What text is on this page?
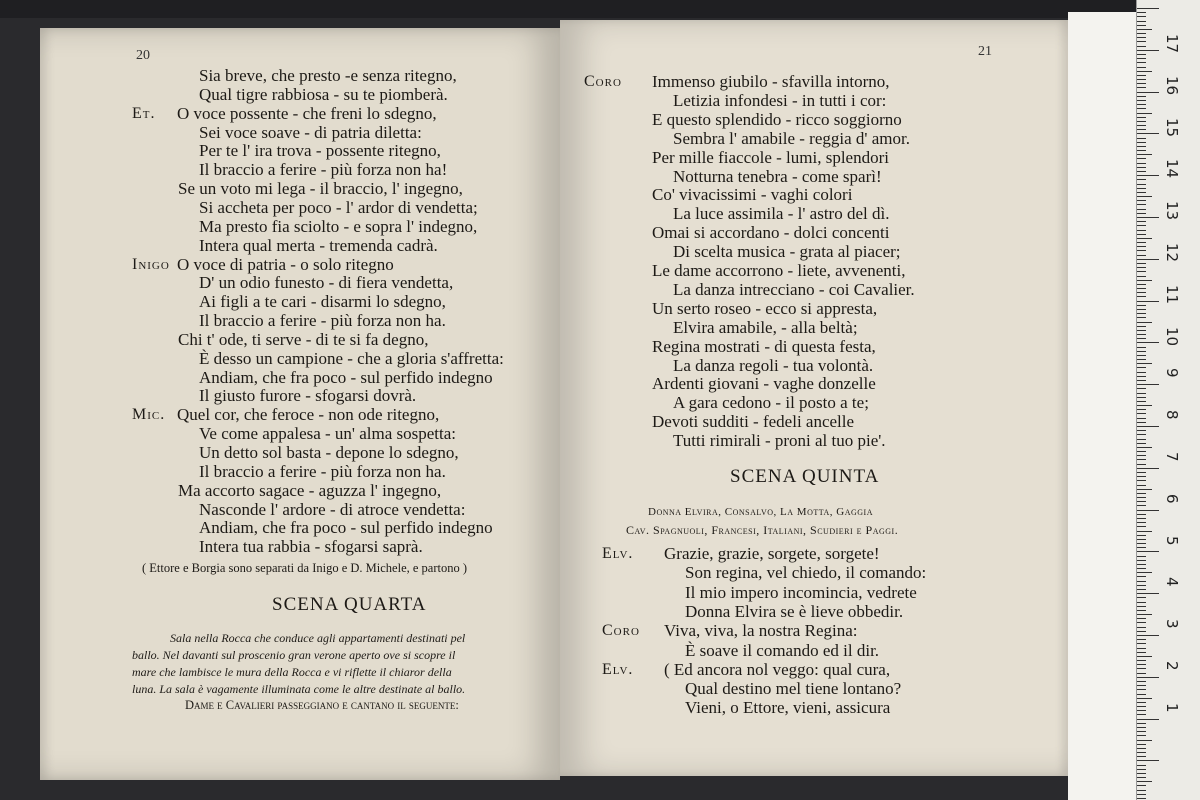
20
Sia breve, che presto -e senza ritegno,
Qual tigre rabbiosa - su te piomberà.
Et. O voce possente - che freni lo sdegno,
Sei voce soave - di patria diletta:
Per te l' ira trova - possente ritegno,
Il braccio a ferire - più forza non ha!
Se un voto mi lega - il braccio, l' ingegno,
Si accheta per poco - l' ardor di vendetta;
Ma presto fia sciolto - e sopra l' indegno,
Intera qual merta - tremenda cadrà.
Inigo O voce di patria - o solo ritegno
D' un odio funesto - di fiera vendetta,
Ai figli a te cari - disarmi lo sdegno,
Il braccio a ferire - più forza non ha.
Chi t' ode, ti serve - di te si fa degno,
È desso un campione - che a gloria s'affretta:
Andiam, che fra poco - sul perfido indegno
Il giusto furore - sfogarsi dovrà.
Mic. Quel cor, che feroce - non ode ritegno,
Ve come appalesa - un' alma sospetta:
Un detto sol basta - depone lo sdegno,
Il braccio a ferire - più forza non ha.
Ma accorto sagace - aguzza l' ingegno,
Nasconde l' ardore - di atroce vendetta:
Andiam, che fra poco - sul perfido indegno
Intera tua rabbia - sfogarsi saprà.
( Ettore e Borgia sono separati da Inigo e D. Michele, e partono )
SCENA QUARTA
Sala nella Rocca che conduce agli appartamenti destinati pel
ballo. Nel davanti sul proscenio gran verone aperto ove si scopre il
mare che lambisce le mura della Rocca e vi riflette il chiaror della
luna. La sala è vagamente illuminata come le altre destinate al ballo.
Dame e Cavalieri passeggiano e cantano il seguente:
21
Coro Immenso giubilo - sfavilla intorno,
Letizia infondesi - in tutti i cor:
E questo splendido - ricco soggiorno
Sembra l' amabile - reggia d' amor.
Per mille fiaccole - lumi, splendori
Notturna tenebra - come sparì!
Co' vivacissimi - vaghi colori
La luce assimila - l' astro del dì.
Omai si accordano - dolci concenti
Di scelta musica - grata al piacer;
Le dame accorrono - liete, avvenenti,
La danza intrecciano - coi Cavalier.
Un serto roseo - ecco si appresta,
Elvira amabile, - alla beltà;
Regina mostrati - di questa festa,
La danza regoli - tua volontà.
Ardenti giovani - vaghe donzelle
A gara cedono - il posto a te;
Devoti sudditi - fedeli ancelle
Tutti rimirali - proni al tuo pie'.
SCENA QUINTA
Donna Elvira, Consalvo, La Motta, Gaggia
Cav. Spagnuoli, Francesi, Italiani, Scudieri e Paggi.
Elv. Grazie, grazie, sorgete, sorgete!
Son regina, vel chiedo, il comando:
Il mio impero incomincia, vedrete
Donna Elvira se è lieve obbedir.
Coro Viva, viva, la nostra Regina:
È soave il comando ed il dir.
Elv. ( Ed ancora nol veggo: qual cura,
Qual destino mel tiene lontano?
Vieni, o Ettore, vieni, assicura
17
16
15
14
13
12
11
10
9
8
7
6
5
4
3
2
1
